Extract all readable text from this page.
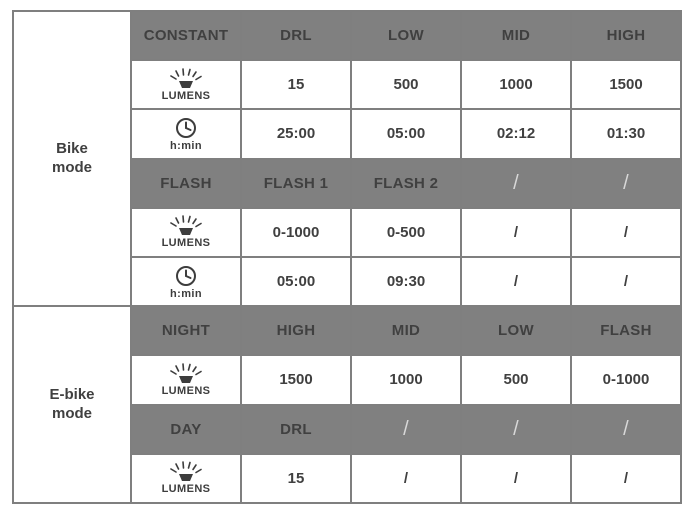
Bike
mode	CONSTANT	DRL	LOW	MID	HIGH

	LUMENS	15	500	1000	1500

	h:min	25:00	05:00	02:12	01:30
	FLASH	FLASH 1	FLASH 2	/	/

	LUMENS	0-1000	0-500	/	/

	h:min	05:00	09:30	/	/
E-bike
mode	NIGHT	HIGH	MID	LOW	FLASH

	LUMENS	1500	1000	500	0-1000
	DAY	DRL	/	/	/

	LUMENS	15	/	/	/
